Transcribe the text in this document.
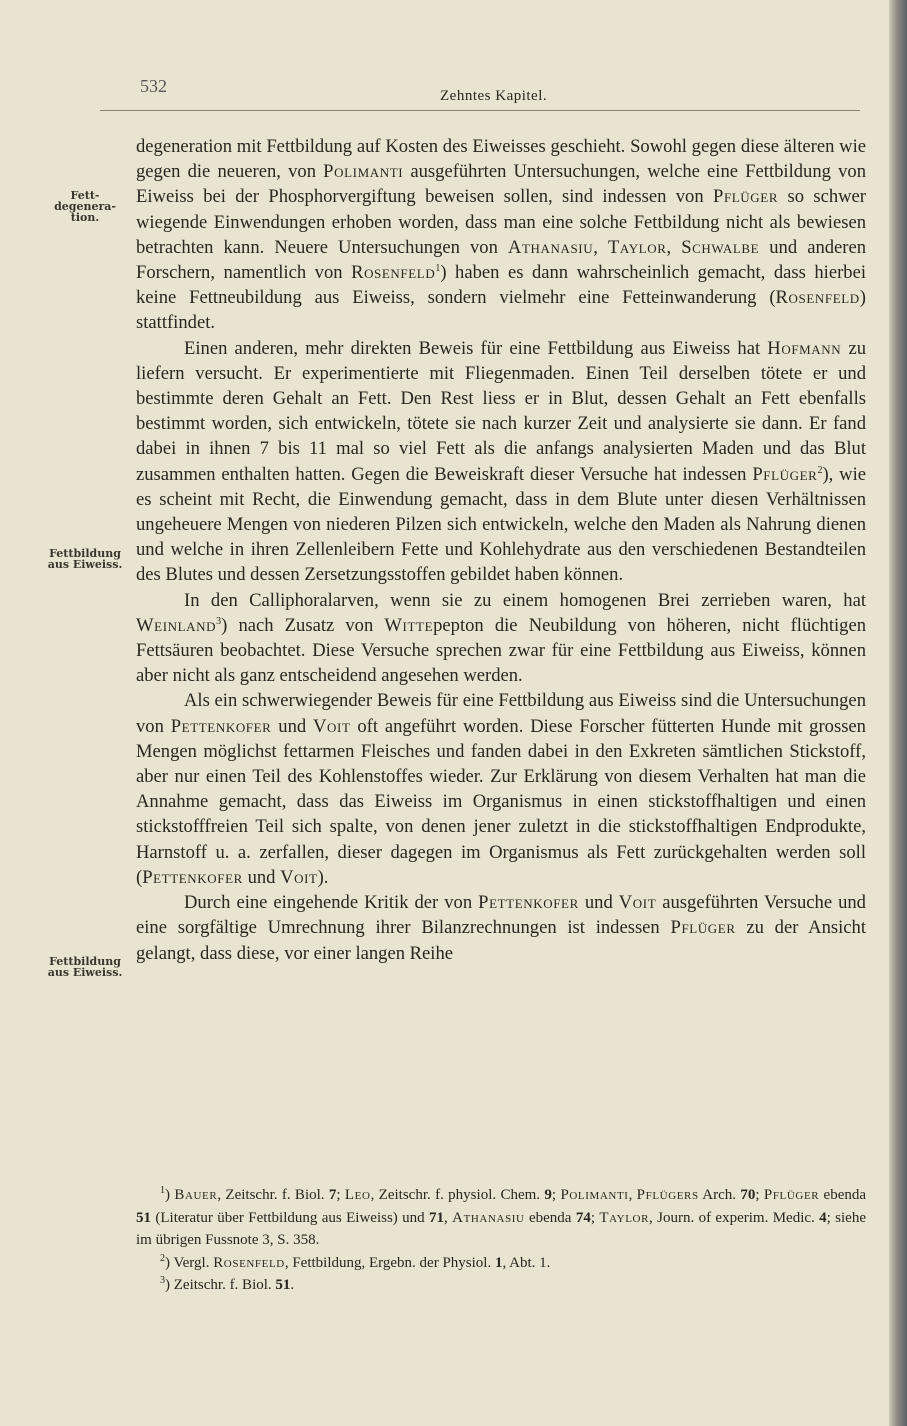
532	Zehntes Kapitel.
Fett-
degenera-
tion.
Fettbildung
aus Eiweiss.
Fettbildung
aus Eiweiss.

degeneration mit Fettbildung auf Kosten des Eiweisses geschieht. Sowohl gegen diese älteren wie gegen die neueren, von Polimanti ausgeführten Untersuchungen, welche eine Fettbildung von Eiweiss bei der Phosphorvergiftung beweisen sollen, sind indessen von Pflüger so schwer wiegende Einwendungen erhoben worden, dass man eine solche Fettbildung nicht als bewiesen betrachten kann. Neuere Untersuchungen von Athanasiu, Taylor, Schwalbe und anderen Forschern, namentlich von Rosenfeld$^1$) haben es dann wahrscheinlich gemacht, dass hierbei keine Fettneubildung aus Eiweiss, sondern vielmehr eine Fetteinwanderung (Rosenfeld) stattfindet.

Einen anderen, mehr direkten Beweis für eine Fettbildung aus Eiweiss hat Hofmann zu liefern versucht. Er experimentierte mit Fliegenmaden. Einen Teil derselben tötete er und bestimmte deren Gehalt an Fett. Den Rest liess er in Blut, dessen Gehalt an Fett ebenfalls bestimmt worden, sich entwickeln, tötete sie nach kurzer Zeit und analysierte sie dann. Er fand dabei in ihnen 7 bis 11 mal so viel Fett als die anfangs analysierten Maden und das Blut zusammen enthalten hatten. Gegen die Beweiskraft dieser Versuche hat indessen Pflüger$^2$), wie es scheint mit Recht, die Einwendung gemacht, dass in dem Blute unter diesen Verhältnissen ungeheuere Mengen von niederen Pilzen sich entwickeln, welche den Maden als Nahrung dienen und welche in ihren Zellenleibern Fette und Kohlehydrate aus den verschiedenen Bestandteilen des Blutes und dessen Zersetzungsstoffen gebildet haben können.

In den Calliphoralarven, wenn sie zu einem homogenen Brei zerrieben waren, hat Weinland$^3$) nach Zusatz von Wittepepton die Neubildung von höheren, nicht flüchtigen Fettsäuren beobachtet. Diese Versuche sprechen zwar für eine Fettbildung aus Eiweiss, können aber nicht als ganz entscheidend angesehen werden.

Als ein schwerwiegender Beweis für eine Fettbildung aus Eiweiss sind die Untersuchungen von Pettenkofer und Voit oft angeführt worden. Diese Forscher fütterten Hunde mit grossen Mengen möglichst fettarmen Fleisches und fanden dabei in den Exkreten sämtlichen Stickstoff, aber nur einen Teil des Kohlenstoffes wieder. Zur Erklärung von diesem Verhalten hat man die Annahme gemacht, dass das Eiweiss im Organismus in einen stickstoffhaltigen und einen stickstofffreien Teil sich spalte, von denen jener zuletzt in die stickstoffhaltigen Endprodukte, Harnstoff u. a. zerfallen, dieser dagegen im Organismus als Fett zurückgehalten werden soll (Pettenkofer und Voit).

Durch eine eingehende Kritik der von Pettenkofer und Voit ausgeführten Versuche und eine sorgfältige Umrechnung ihrer Bilanzrechnungen ist indessen Pflüger zu der Ansicht gelangt, dass diese, vor einer langen Reihe

$^1$) Bauer, Zeitschr. f. Biol. 7; Leo, Zeitschr. f. physiol. Chem. 9; Polimanti, Pflügers Arch. 70; Pflüger ebenda 51 (Literatur über Fettbildung aus Eiweiss) und 71, Athanasiu ebenda 74; Taylor, Journ. of experim. Medic. 4; siehe im übrigen Fussnote 3, S. 358.

$^2$) Vergl. Rosenfeld, Fettbildung, Ergebn. der Physiol. 1, Abt. 1.

$^3$) Zeitschr. f. Biol. 51.
